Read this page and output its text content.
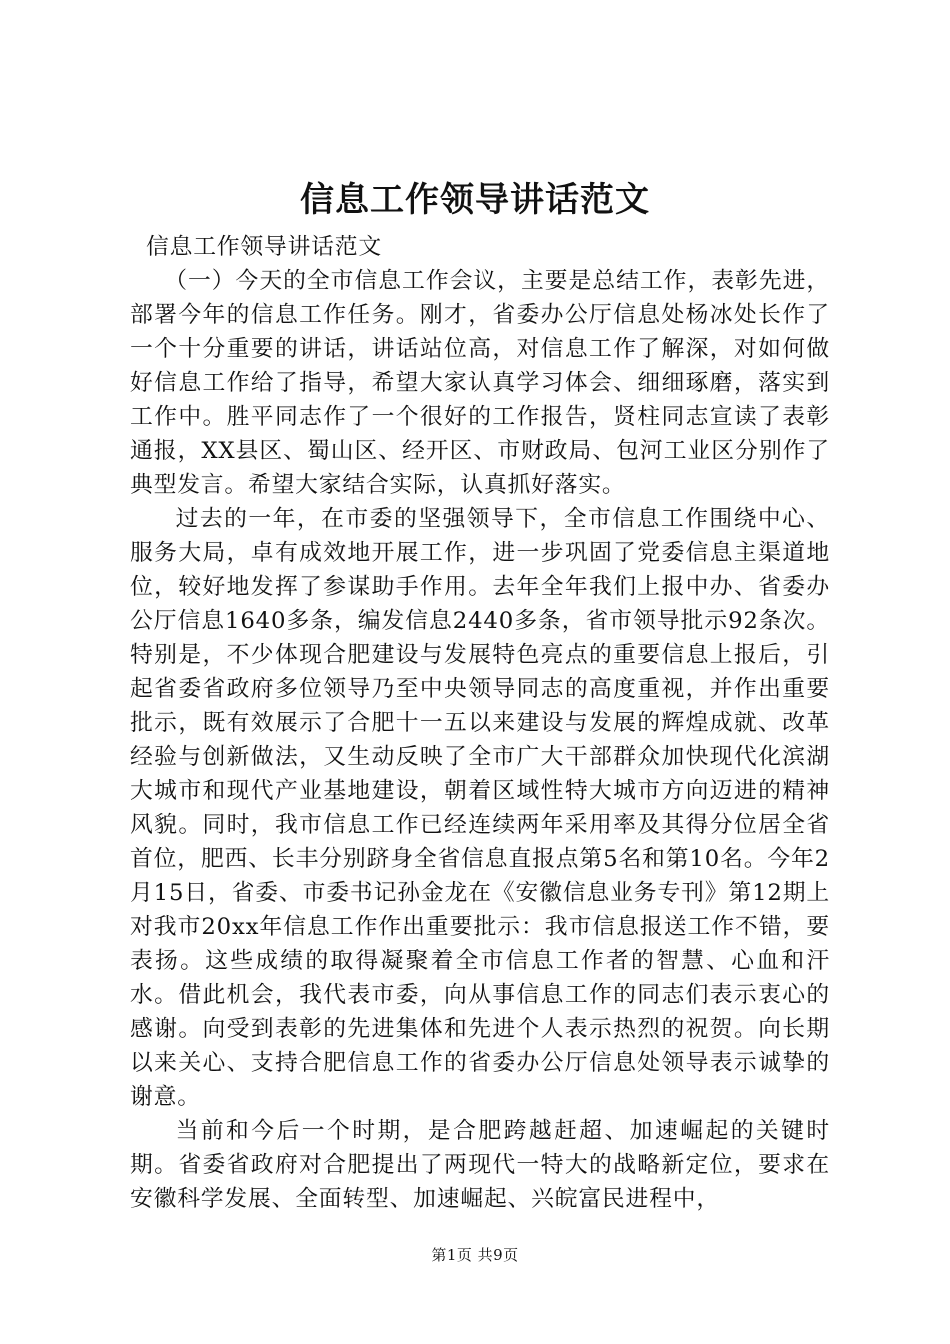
信息工作领导讲话范文

信息工作领导讲话范文

（一）今天的全市信息工作会议，主要是总结工作，表彰先进，部署今年的信息工作任务。刚才，省委办公厅信息处杨冰处长作了一个十分重要的讲话，讲话站位高，对信息工作了解深，对如何做好信息工作给了指导，希望大家认真学习体会、细细琢磨，落实到工作中。胜平同志作了一个很好的工作报告，贤柱同志宣读了表彰通报，XX县区、蜀山区、经开区、市财政局、包河工业区分别作了典型发言。希望大家结合实际，认真抓好落实。

过去的一年，在市委的坚强领导下，全市信息工作围绕中心、服务大局，卓有成效地开展工作，进一步巩固了党委信息主渠道地位，较好地发挥了参谋助手作用。去年全年我们上报中办、省委办公厅信息1640多条，编发信息2440多条，省市领导批示92条次。特别是，不少体现合肥建设与发展特色亮点的重要信息上报后，引起省委省政府多位领导乃至中央领导同志的高度重视，并作出重要批示，既有效展示了合肥十一五以来建设与发展的辉煌成就、改革经验与创新做法，又生动反映了全市广大干部群众加快现代化滨湖大城市和现代产业基地建设，朝着区域性特大城市方向迈进的精神风貌。同时，我市信息工作已经连续两年采用率及其得分位居全省首位，肥西、长丰分别跻身全省信息直报点第5名和第10名。今年2月15日，省委、市委书记孙金龙在《安徽信息业务专刊》第12期上对我市20xx年信息工作作出重要批示：我市信息报送工作不错，要表扬。这些成绩的取得凝聚着全市信息工作者的智慧、心血和汗水。借此机会，我代表市委，向从事信息工作的同志们表示衷心的感谢。向受到表彰的先进集体和先进个人表示热烈的祝贺。向长期以来关心、支持合肥信息工作的省委办公厅信息处领导表示诚挚的谢意。

当前和今后一个时期，是合肥跨越赶超、加速崛起的关键时期。省委省政府对合肥提出了两现代一特大的战略新定位，要求在安徽科学发展、全面转型、加速崛起、兴皖富民进程中，

第1页 共9页
